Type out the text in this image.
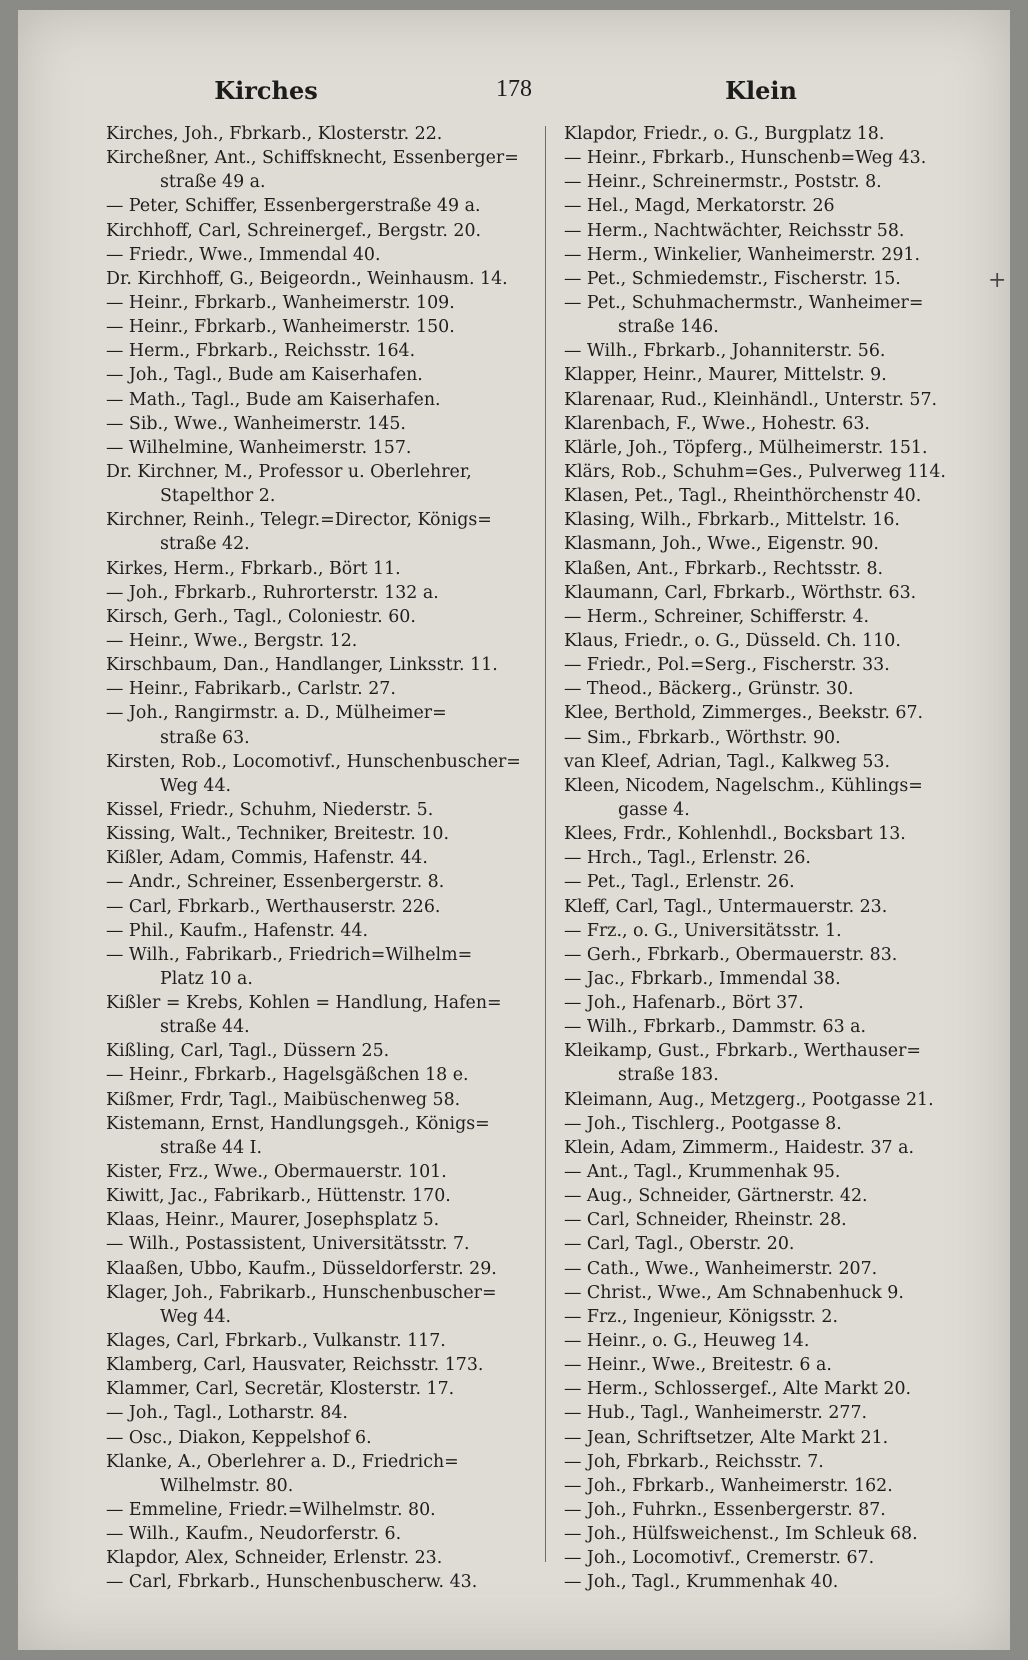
Kirches	178	Klein
Kirches, Joh., Fbrkarb., Klosterstr. 22.
Kircheßner, Ant., Schiffsknecht, Essenberger=
straße 49 a.
— Peter, Schiffer, Essenbergerstraße 49 a.
Kirchhoff, Carl, Schreinergef., Bergstr. 20.
— Friedr., Wwe., Immendal 40.
Dr. Kirchhoff, G., Beigeordn., Weinhausm. 14.
— Heinr., Fbrkarb., Wanheimerstr. 109.
— Heinr., Fbrkarb., Wanheimerstr. 150.
— Herm., Fbrkarb., Reichsstr. 164.
— Joh., Tagl., Bude am Kaiserhafen.
— Math., Tagl., Bude am Kaiserhafen.
— Sib., Wwe., Wanheimerstr. 145.
— Wilhelmine, Wanheimerstr. 157.
Dr. Kirchner, M., Professor u. Oberlehrer,
Stapelthor 2.
Kirchner, Reinh., Telegr.=Director, Königs=
straße 42.
Kirkes, Herm., Fbrkarb., Bört 11.
— Joh., Fbrkarb., Ruhrorterstr. 132 a.
Kirsch, Gerh., Tagl., Coloniestr. 60.
— Heinr., Wwe., Bergstr. 12.
Kirschbaum, Dan., Handlanger, Linksstr. 11.
— Heinr., Fabrikarb., Carlstr. 27.
— Joh., Rangirmstr. a. D., Mülheimer=
straße 63.
Kirsten, Rob., Locomotivf., Hunschenbuscher=
Weg 44.
Kissel, Friedr., Schuhm, Niederstr. 5.
Kissing, Walt., Techniker, Breitestr. 10.
Kißler, Adam, Commis, Hafenstr. 44.
— Andr., Schreiner, Essenbergerstr. 8.
— Carl, Fbrkarb., Werthauserstr. 226.
— Phil., Kaufm., Hafenstr. 44.
— Wilh., Fabrikarb., Friedrich=Wilhelm=
Platz 10 a.
Kißler = Krebs, Kohlen = Handlung, Hafen=
straße 44.
Kißling, Carl, Tagl., Düssern 25.
— Heinr., Fbrkarb., Hagelsgäßchen 18 e.
Kißmer, Frdr, Tagl., Maibüschenweg 58.
Kistemann, Ernst, Handlungsgeh., Königs=
straße 44 I.
Kister, Frz., Wwe., Obermauerstr. 101.
Kiwitt, Jac., Fabrikarb., Hüttenstr. 170.
Klaas, Heinr., Maurer, Josephsplatz 5.
— Wilh., Postassistent, Universitätsstr. 7.
Klaaßen, Ubbo, Kaufm., Düsseldorferstr. 29.
Klager, Joh., Fabrikarb., Hunschenbuscher=
Weg 44.
Klages, Carl, Fbrkarb., Vulkanstr. 117.
Klamberg, Carl, Hausvater, Reichsstr. 173.
Klammer, Carl, Secretär, Klosterstr. 17.
— Joh., Tagl., Lotharstr. 84.
— Osc., Diakon, Keppelshof 6.
Klanke, A., Oberlehrer a. D., Friedrich=
Wilhelmstr. 80.
— Emmeline, Friedr.=Wilhelmstr. 80.
— Wilh., Kaufm., Neudorferstr. 6.
Klapdor, Alex, Schneider, Erlenstr. 23.
— Carl, Fbrkarb., Hunschenbuscherw. 43.
Klapdor, Friedr., o. G., Burgplatz 18.
— Heinr., Fbrkarb., Hunschenb=Weg 43.
— Heinr., Schreinermstr., Poststr. 8.
— Hel., Magd, Merkatorstr. 26
— Herm., Nachtwächter, Reichsstr 58.
— Herm., Winkelier, Wanheimerstr. 291.
— Pet., Schmiedemstr., Fischerstr. 15.
— Pet., Schuhmachermstr., Wanheimer=
straße 146.
— Wilh., Fbrkarb., Johanniterstr. 56.
Klapper, Heinr., Maurer, Mittelstr. 9.
Klarenaar, Rud., Kleinhändl., Unterstr. 57.
Klarenbach, F., Wwe., Hohestr. 63.
Klärle, Joh., Töpferg., Mülheimerstr. 151.
Klärs, Rob., Schuhm=Ges., Pulverweg 114.
Klasen, Pet., Tagl., Rheinthörchenstr 40.
Klasing, Wilh., Fbrkarb., Mittelstr. 16.
Klasmann, Joh., Wwe., Eigenstr. 90.
Klaßen, Ant., Fbrkarb., Rechtsstr. 8.
Klaumann, Carl, Fbrkarb., Wörthstr. 63.
— Herm., Schreiner, Schifferstr. 4.
Klaus, Friedr., o. G., Düsseld. Ch. 110.
— Friedr., Pol.=Serg., Fischerstr. 33.
— Theod., Bäckerg., Grünstr. 30.
Klee, Berthold, Zimmerges., Beekstr. 67.
— Sim., Fbrkarb., Wörthstr. 90.
van Kleef, Adrian, Tagl., Kalkweg 53.
Kleen, Nicodem, Nagelschm., Kühlings=
gasse 4.
Klees, Frdr., Kohlenhdl., Bocksbart 13.
— Hrch., Tagl., Erlenstr. 26.
— Pet., Tagl., Erlenstr. 26.
Kleff, Carl, Tagl., Untermauerstr. 23.
— Frz., o. G., Universitätsstr. 1.
— Gerh., Fbrkarb., Obermauerstr. 83.
— Jac., Fbrkarb., Immendal 38.
— Joh., Hafenarb., Bört 37.
— Wilh., Fbrkarb., Dammstr. 63 a.
Kleikamp, Gust., Fbrkarb., Werthauser=
straße 183.
Kleimann, Aug., Metzgerg., Pootgasse 21.
— Joh., Tischlerg., Pootgasse 8.
Klein, Adam, Zimmerm., Haidestr. 37 a.
— Ant., Tagl., Krummenhak 95.
— Aug., Schneider, Gärtnerstr. 42.
— Carl, Schneider, Rheinstr. 28.
— Carl, Tagl., Oberstr. 20.
— Cath., Wwe., Wanheimerstr. 207.
— Christ., Wwe., Am Schnabenhuck 9.
— Frz., Ingenieur, Königsstr. 2.
— Heinr., o. G., Heuweg 14.
— Heinr., Wwe., Breitestr. 6 a.
— Herm., Schlossergef., Alte Markt 20.
— Hub., Tagl., Wanheimerstr. 277.
— Jean, Schriftsetzer, Alte Markt 21.
— Joh, Fbrkarb., Reichsstr. 7.
— Joh., Fbrkarb., Wanheimerstr. 162.
— Joh., Fuhrkn., Essenbergerstr. 87.
— Joh., Hülfsweichenst., Im Schleuk 68.
— Joh., Locomotivf., Cremerstr. 67.
— Joh., Tagl., Krummenhak 40.
+
